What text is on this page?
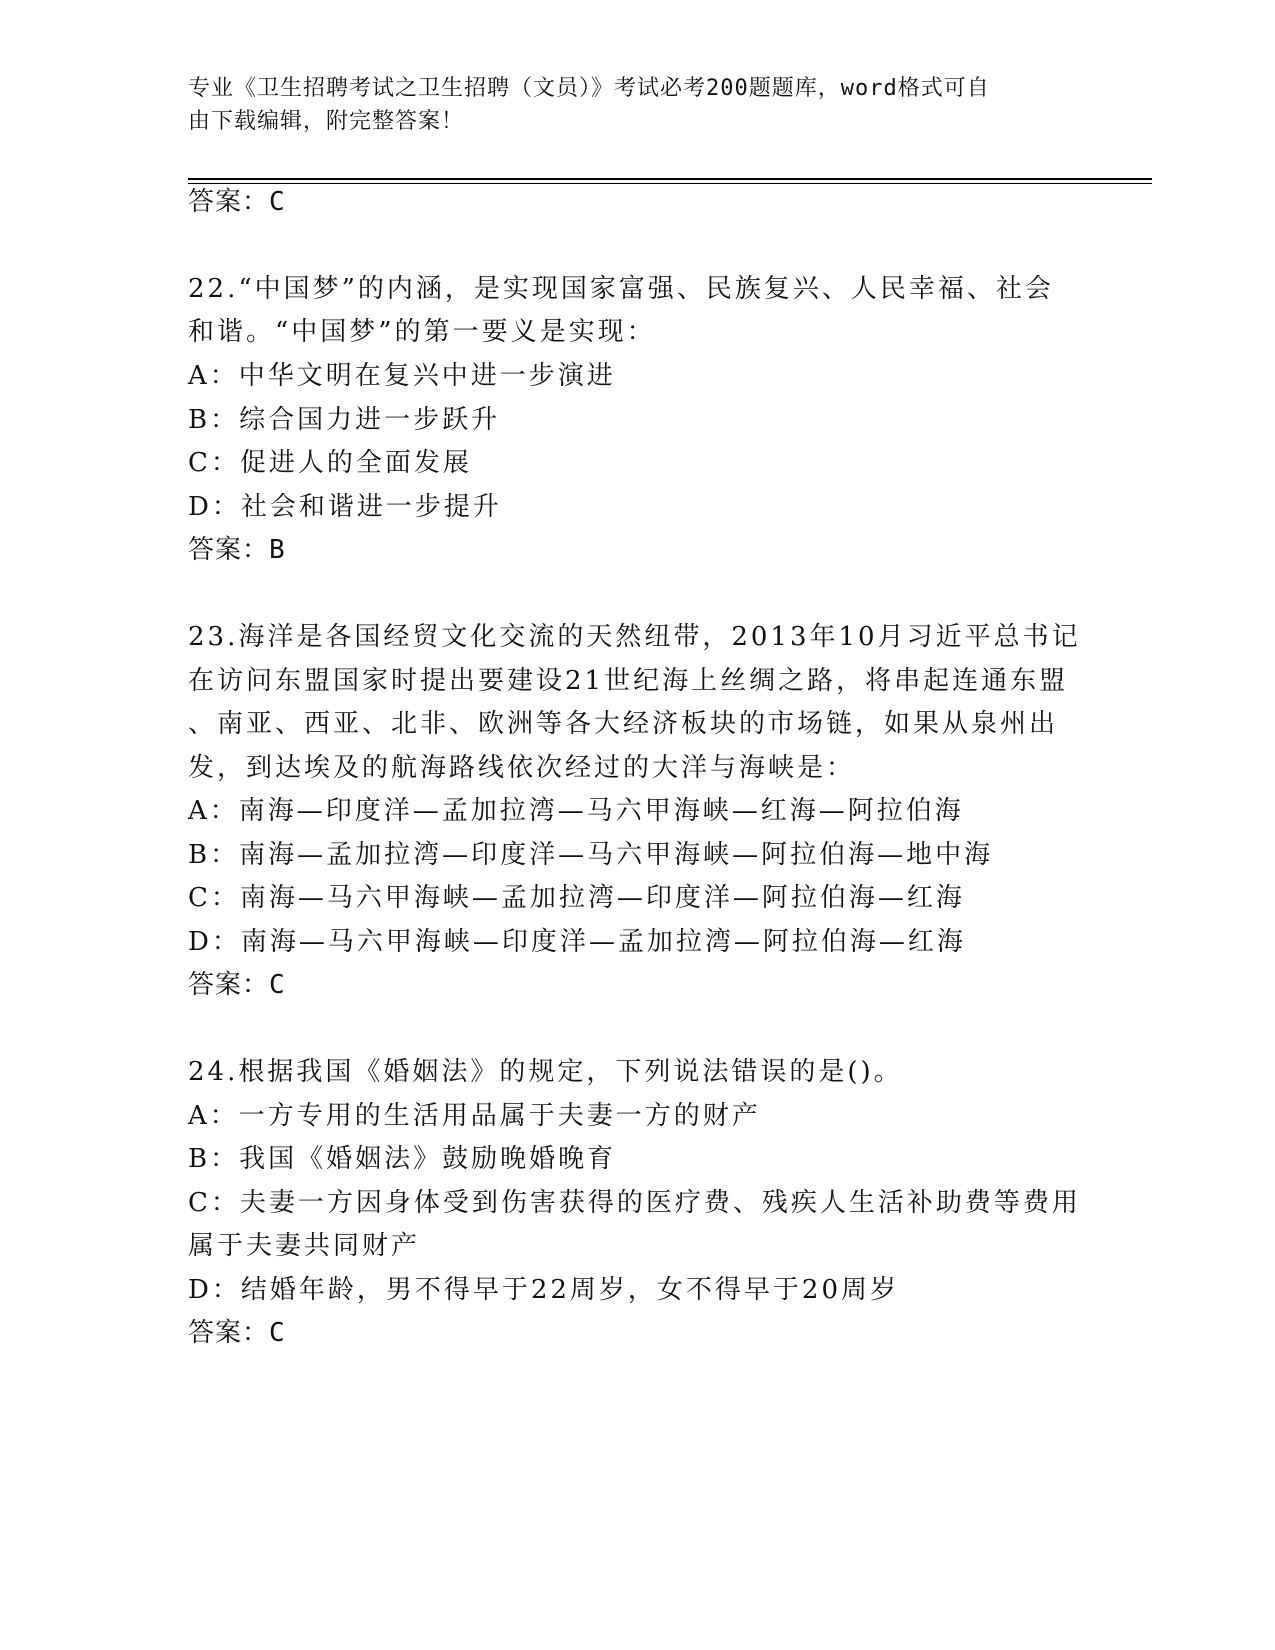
专业《卫生招聘考试之卫生招聘（文员）》考试必考200题题库，word格式可自
由下载编辑，附完整答案！
答案：C
22.“中国梦”的内涵，是实现国家富强、民族复兴、人民幸福、社会
和谐。“中国梦”的第一要义是实现：
A：中华文明在复兴中进一步演进
B：综合国力进一步跃升
C：促进人的全面发展
D：社会和谐进一步提升
答案：B
23.海洋是各国经贸文化交流的天然纽带，2013年10月习近平总书记
在访问东盟国家时提出要建设21世纪海上丝绸之路，将串起连通东盟
、南亚、西亚、北非、欧洲等各大经济板块的市场链，如果从泉州出
发，到达埃及的航海路线依次经过的大洋与海峡是：
A：南海—印度洋—孟加拉湾—马六甲海峡—红海—阿拉伯海
B：南海—孟加拉湾—印度洋—马六甲海峡—阿拉伯海—地中海
C：南海—马六甲海峡—孟加拉湾—印度洋—阿拉伯海—红海
D：南海—马六甲海峡—印度洋—孟加拉湾—阿拉伯海—红海
答案：C
24.根据我国《婚姻法》的规定，下列说法错误的是()。
A：一方专用的生活用品属于夫妻一方的财产
B：我国《婚姻法》鼓励晚婚晚育
C：夫妻一方因身体受到伤害获得的医疗费、残疾人生活补助费等费用
属于夫妻共同财产
D：结婚年龄，男不得早于22周岁，女不得早于20周岁
答案：C
